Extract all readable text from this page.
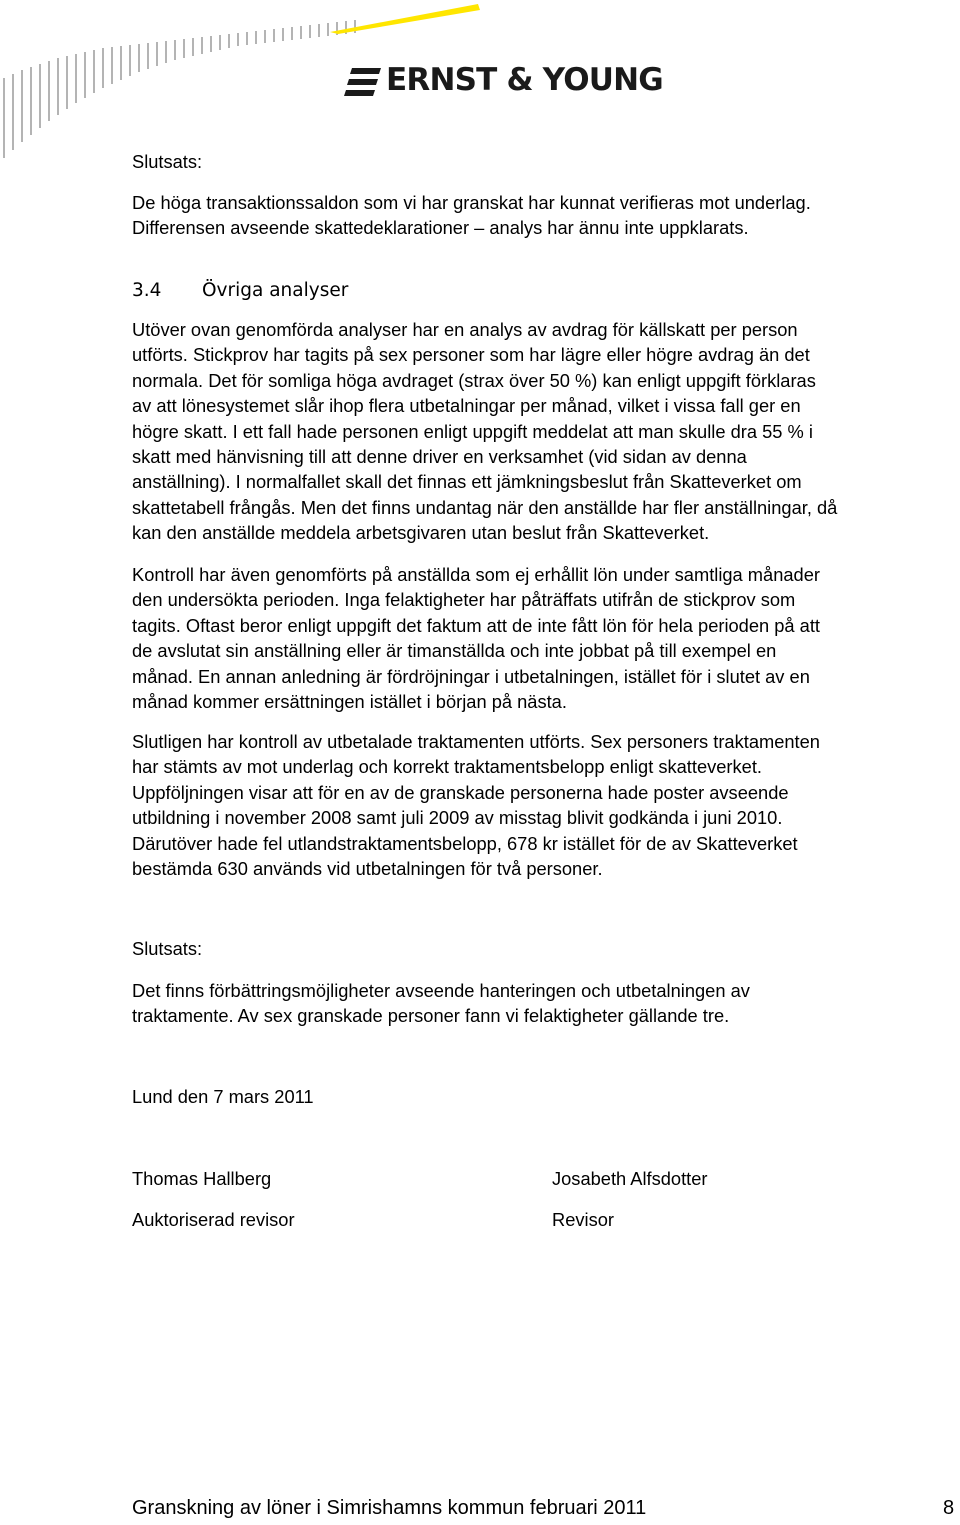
ERNST & YOUNG

Slutsats:

De höga transaktionssaldon som vi har granskat har kunnat verifieras mot underlag.
Differensen avseende skattedeklarationer – analys har ännu inte uppklarats.

3.4 Övriga analyser

Utöver ovan genomförda analyser har en analys av avdrag för källskatt per person
utförts. Stickprov har tagits på sex personer som har lägre eller högre avdrag än det
normala. Det för somliga höga avdraget (strax över 50 %) kan enligt uppgift förklaras
av att lönesystemet slår ihop flera utbetalningar per månad, vilket i vissa fall ger en
högre skatt. I ett fall hade personen enligt uppgift meddelat att man skulle dra 55 % i
skatt med hänvisning till att denne driver en verksamhet (vid sidan av denna
anställning). I normalfallet skall det finnas ett jämkningsbeslut från Skatteverket om
skattetabell frångås. Men det finns undantag när den anställde har fler anställningar, då
kan den anställde meddela arbetsgivaren utan beslut från Skatteverket.

Kontroll har även genomförts på anställda som ej erhållit lön under samtliga månader
den undersökta perioden. Inga felaktigheter har påträffats utifrån de stickprov som
tagits. Oftast beror enligt uppgift det faktum att de inte fått lön för hela perioden på att
de avslutat sin anställning eller är timanställda och inte jobbat på till exempel en
månad. En annan anledning är fördröjningar i utbetalningen, istället för i slutet av en
månad kommer ersättningen istället i början på nästa.

Slutligen har kontroll av utbetalade traktamenten utförts. Sex personers traktamenten
har stämts av mot underlag och korrekt traktamentsbelopp enligt skatteverket.
Uppföljningen visar att för en av de granskade personerna hade poster avseende
utbildning i november 2008 samt juli 2009 av misstag blivit godkända i juni 2010.
Därutöver hade fel utlandstraktamentsbelopp, 678 kr istället för de av Skatteverket
bestämda 630 används vid utbetalningen för två personer.

Slutsats:

Det finns förbättringsmöjligheter avseende hanteringen och utbetalningen av
traktamente. Av sex granskade personer fann vi felaktigheter gällande tre.

Lund den 7 mars 2011

Thomas Hallberg
Auktoriserad revisor
Josabeth Alfsdotter
Revisor
Granskning av löner i Simrishamns kommun februari 2011	8
